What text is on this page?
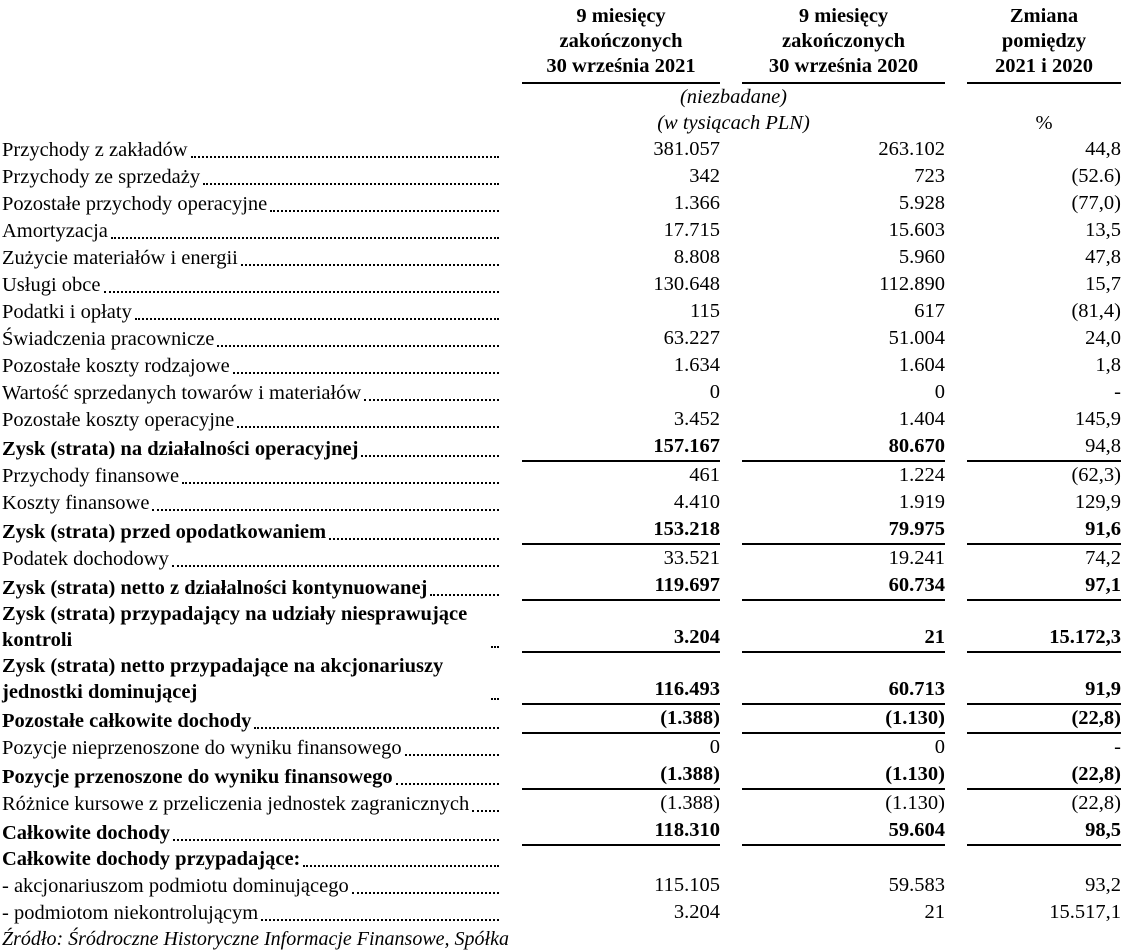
9 miesięcy
zakończonych
30 września 2021
9 miesięcy
zakończonych
30 września 2020
Zmiana
pomiędzy
2021 i 2020
(niezbadane)
(w tysiącach PLN)	%
Przychody z zakładów	381.057	263.102	44,8
Przychody ze sprzedaży	342	723	(52.6)
Pozostałe przychody operacyjne	1.366	5.928	(77,0)
Amortyzacja	17.715	15.603	13,5
Zużycie materiałów i energii	8.808	5.960	47,8
Usługi obce	130.648	112.890	15,7
Podatki i opłaty	115	617	(81,4)
Świadczenia pracownicze	63.227	51.004	24,0
Pozostałe koszty rodzajowe	1.634	1.604	1,8
Wartość sprzedanych towarów i materiałów	0	0	-
Pozostałe koszty operacyjne	3.452	1.404	145,9
Zysk (strata) na działalności operacyjnej	157.167	80.670	94,8
Przychody finansowe	461	1.224	(62,3)
Koszty finansowe	4.410	1.919	129,9
Zysk (strata) przed opodatkowaniem	153.218	79.975	91,6
Podatek dochodowy	33.521	19.241	74,2
Zysk (strata) netto z działalności kontynuowanej	119.697	60.734	97,1
Zysk (strata) przypadający na udziały niesprawujące kontroli	3.204	21	15.172,3
Zysk (strata) netto przypadające na akcjonariuszy jednostki dominującej	116.493	60.713	91,9
Pozostałe całkowite dochody	(1.388)	(1.130)	(22,8)
Pozycje nieprzenoszone do wyniku finansowego	0	0	-
Pozycje przenoszone do wyniku finansowego	(1.388)	(1.130)	(22,8)
Różnice kursowe z przeliczenia jednostek zagranicznych	(1.388)	(1.130)	(22,8)
Całkowite dochody	118.310	59.604	98,5
Całkowite dochody przypadające:
- akcjonariuszom podmiotu dominującego	115.105	59.583	93,2
- podmiotom niekontrolującym	3.204	21	15.517,1
Źródło: Śródroczne Historyczne Informacje Finansowe, Spółka
